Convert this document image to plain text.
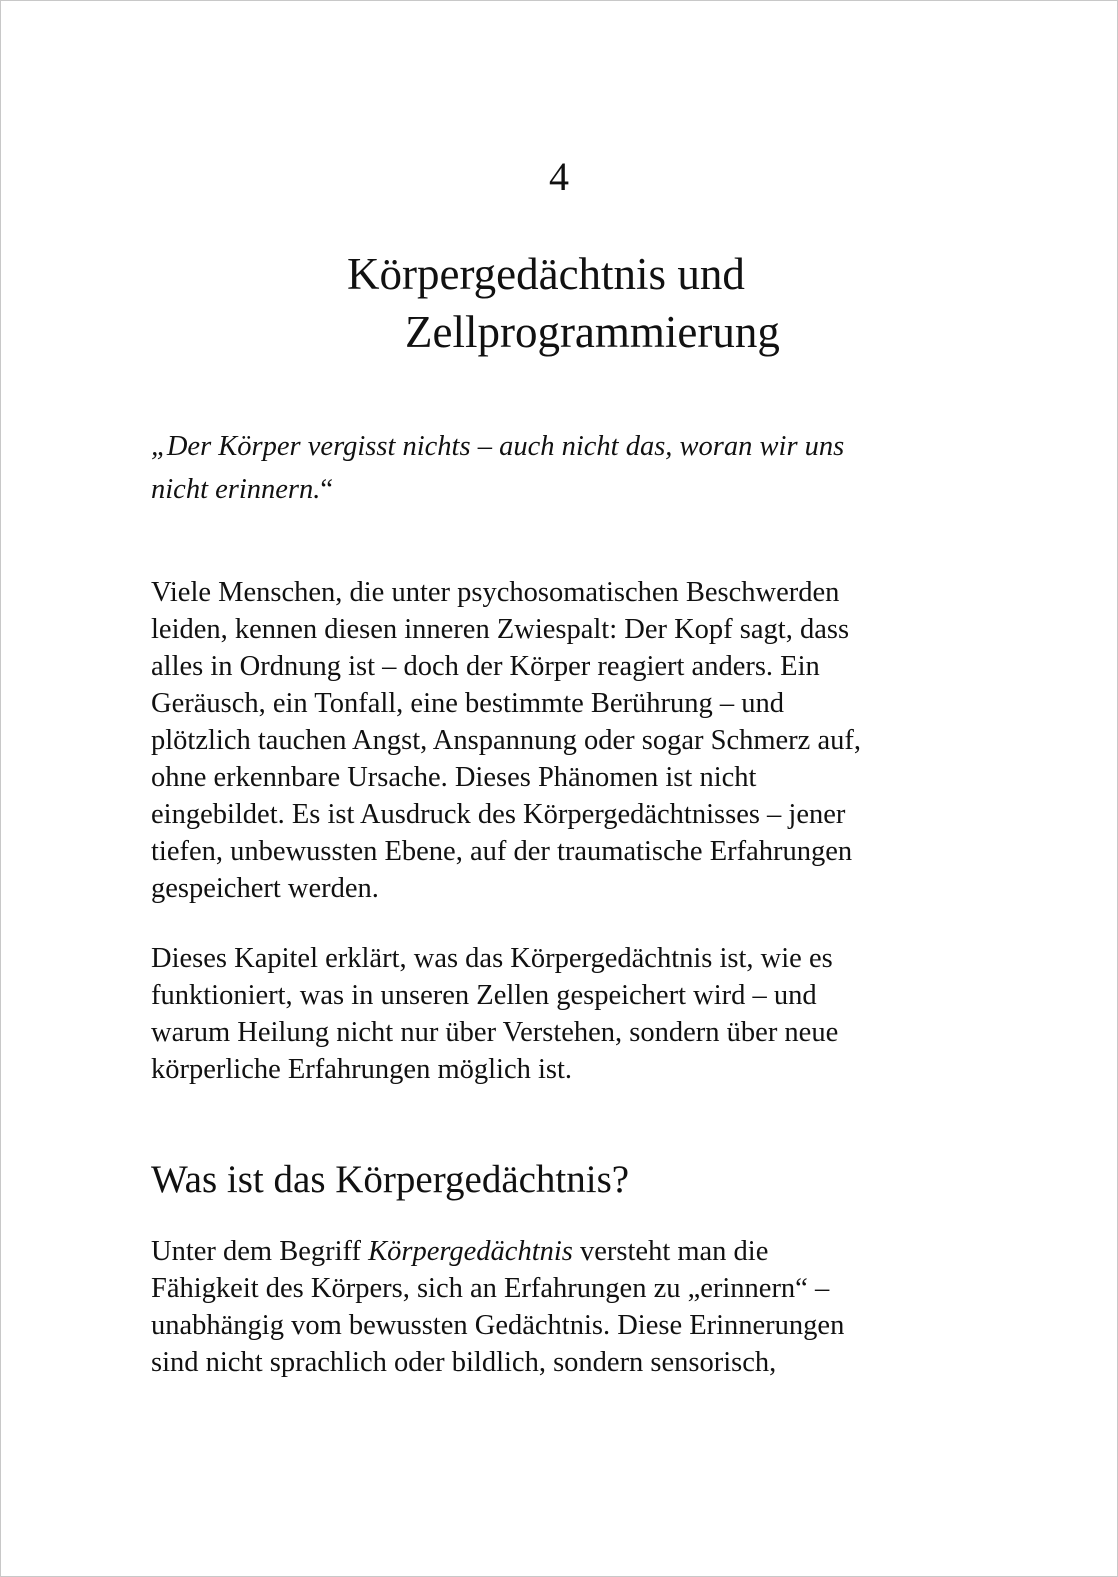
4
Körpergedächtnis und
Zellprogrammierung

„Der Körper vergisst nichts – auch nicht das, woran wir uns
nicht erinnern.“

Viele Menschen, die unter psychosomatischen Beschwerden
leiden, kennen diesen inneren Zwiespalt: Der Kopf sagt, dass
alles in Ordnung ist – doch der Körper reagiert anders. Ein
Geräusch, ein Tonfall, eine bestimmte Berührung – und
plötzlich tauchen Angst, Anspannung oder sogar Schmerz auf,
ohne erkennbare Ursache. Dieses Phänomen ist nicht
eingebildet. Es ist Ausdruck des Körpergedächtnisses – jener
tiefen, unbewussten Ebene, auf der traumatische Erfahrungen
gespeichert werden.

Dieses Kapitel erklärt, was das Körpergedächtnis ist, wie es
funktioniert, was in unseren Zellen gespeichert wird – und
warum Heilung nicht nur über Verstehen, sondern über neue
körperliche Erfahrungen möglich ist.

Was ist das Körpergedächtnis?

Unter dem Begriff Körpergedächtnis versteht man die
Fähigkeit des Körpers, sich an Erfahrungen zu „erinnern“ –
unabhängig vom bewussten Gedächtnis. Diese Erinnerungen
sind nicht sprachlich oder bildlich, sondern sensorisch,
